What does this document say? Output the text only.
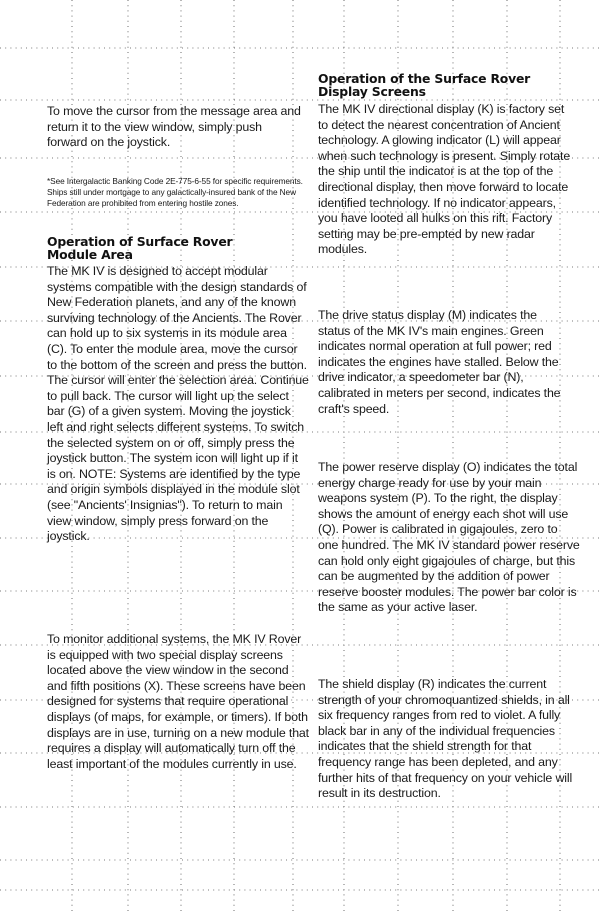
To move the cursor from the message area and return it to the view window, simply push forward on the joystick.

*See Intergalactic Banking Code 2E-775-6-55 for specific requirements. Ships still under mortgage to any galactically-insured bank of the New Federation are prohibited from entering hostile zones.

Operation of Surface Rover Module Area

The MK IV is designed to accept modular systems compatible with the design standards of New Federation planets, and any of the known surviving technology of the Ancients. The Rover can hold up to six systems in its module area (C). To enter the module area, move the cursor to the bottom of the screen and press the button. The cursor will enter the selection area. Continue to pull back. The cursor will light up the select bar (G) of a given system. Moving the joystick left and right selects different systems. To switch the selected system on or off, simply press the joystick button. The system icon will light up if it is on. NOTE: Systems are identified by the type and origin symbols displayed in the module slot (see "Ancients' Insignias"). To return to main view window, simply press forward on the joystick.

To monitor additional systems, the MK IV Rover is equipped with two special display screens located above the view window in the second and fifth positions (X). These screens have been designed for systems that require operational displays (of maps, for example, or timers). If both displays are in use, turning on a new module that requires a display will automatically turn off the least important of the modules currently in use.

Operation of the Surface Rover Display Screens

The MK IV directional display (K) is factory set to detect the nearest concentration of Ancient technology. A glowing indicator (L) will appear when such technology is present. Simply rotate the ship until the indicator is at the top of the directional display, then move forward to locate identified technology. If no indicator appears, you have looted all hulks on this rift. Factory setting may be pre-empted by new radar modules.

The drive status display (M) indicates the status of the MK IV's main engines. Green indicates normal operation at full power; red indicates the engines have stalled. Below the drive indicator, a speedometer bar (N), calibrated in meters per second, indicates the craft's speed.

The power reserve display (O) indicates the total energy charge ready for use by your main weapons system (P). To the right, the display shows the amount of energy each shot will use (Q). Power is calibrated in gigajoules, zero to one hundred. The MK IV standard power reserve can hold only eight gigajoules of charge, but this can be augmented by the addition of power reserve booster modules. The power bar color is the same as your active laser.

The shield display (R) indicates the current strength of your chromoquantized shields, in all six frequency ranges from red to violet. A fully black bar in any of the individual frequencies indicates that the shield strength for that frequency range has been depleted, and any further hits of that frequency on your vehicle will result in its destruction.
